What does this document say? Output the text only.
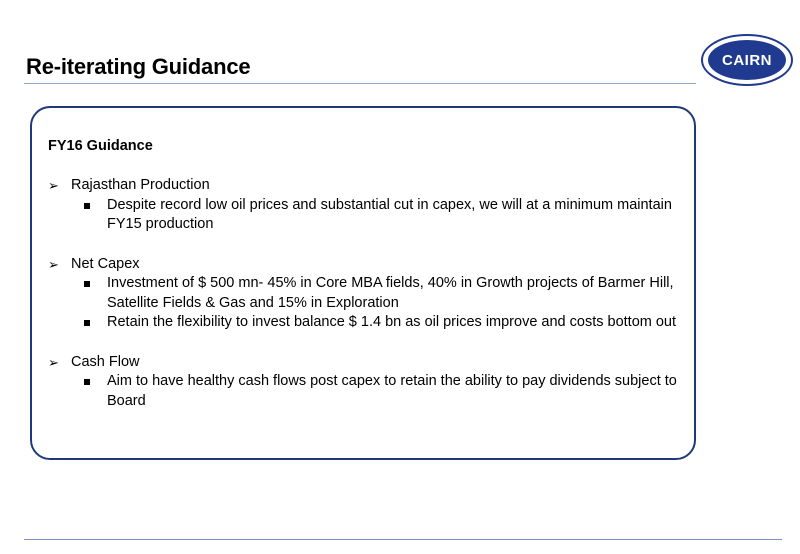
Re-iterating Guidance	CAIRN
FY16 Guidance
➢ Rajasthan Production
Despite record low oil prices and substantial cut in capex, we will at a minimum maintain FY15 production
➢ Net Capex
Investment of $ 500 mn- 45% in Core MBA fields, 40% in Growth projects of Barmer Hill, Satellite Fields & Gas and 15% in Exploration
Retain the flexibility to invest balance $ 1.4 bn as oil prices improve and costs bottom out
➢ Cash Flow
Aim to have healthy cash flows post capex to retain the ability to pay dividends subject to Board
